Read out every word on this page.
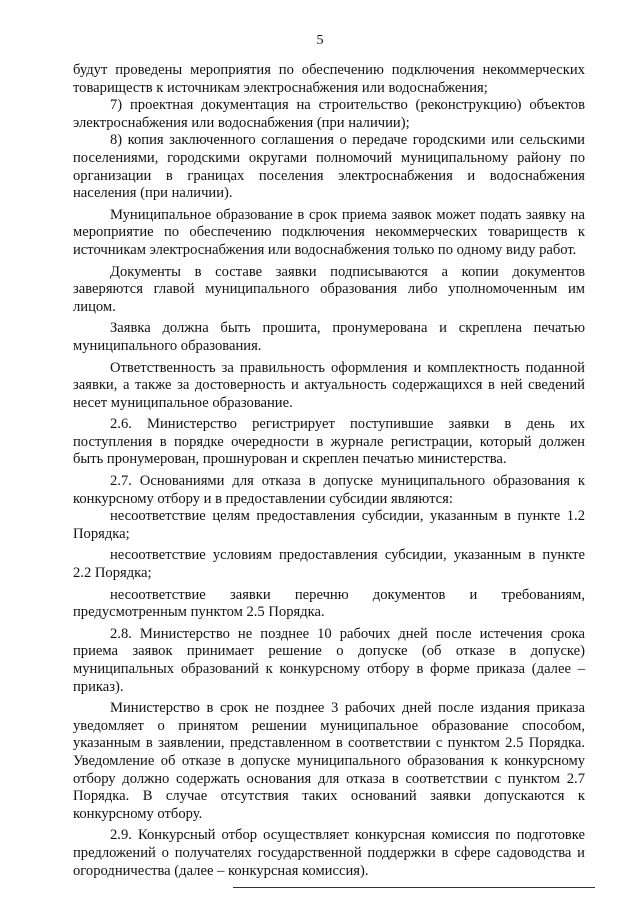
5

будут проведены мероприятия по обеспечению подключения некоммерческих товариществ к источникам электроснабжения или водоснабжения;

7) проектная документация на строительство (реконструкцию) объектов электроснабжения или водоснабжения (при наличии);

8) копия заключенного соглашения о передаче городскими или сельскими поселениями, городскими округами полномочий муниципальному району по организации в границах поселения электроснабжения и водоснабжения населения (при наличии).

Муниципальное образование в срок приема заявок может подать заявку на мероприятие по обеспечению подключения некоммерческих товариществ к источникам электроснабжения или водоснабжения только по одному виду работ.

Документы в составе заявки подписываются а копии документов заверяются главой муниципального образования либо уполномоченным им лицом.

Заявка должна быть прошита, пронумерована и скреплена печатью муниципального образования.

Ответственность за правильность оформления и комплектность поданной заявки, а также за достоверность и актуальность содержащихся в ней сведений несет муниципальное образование.

2.6. Министерство регистрирует поступившие заявки в день их поступления в порядке очередности в журнале регистрации, который должен быть пронумерован, прошнурован и скреплен печатью министерства.

2.7. Основаниями для отказа в допуске муниципального образования к конкурсному отбору и в предоставлении субсидии являются:

несоответствие целям предоставления субсидии, указанным в пункте 1.2 Порядка;

несоответствие условиям предоставления субсидии, указанным в пункте 2.2 Порядка;

несоответствие заявки перечню документов и требованиям, предусмотренным пунктом 2.5 Порядка.

2.8. Министерство не позднее 10 рабочих дней после истечения срока приема заявок принимает решение о допуске (об отказе в допуске) муниципальных образований к конкурсному отбору в форме приказа (далее – приказ).

Министерство в срок не позднее 3 рабочих дней после издания приказа уведомляет о принятом решении муниципальное образование способом, указанным в заявлении, представленном в соответствии с пунктом 2.5 Порядка. Уведомление об отказе в допуске муниципального образования к конкурсному отбору должно содержать основания для отказа в соответствии с пунктом 2.7 Порядка. В случае отсутствия таких оснований заявки допускаются к конкурсному отбору.

2.9. Конкурсный отбор осуществляет конкурсная комиссия по подготовке предложений о получателях государственной поддержки в сфере садоводства и огородничества (далее – конкурсная комиссия).
